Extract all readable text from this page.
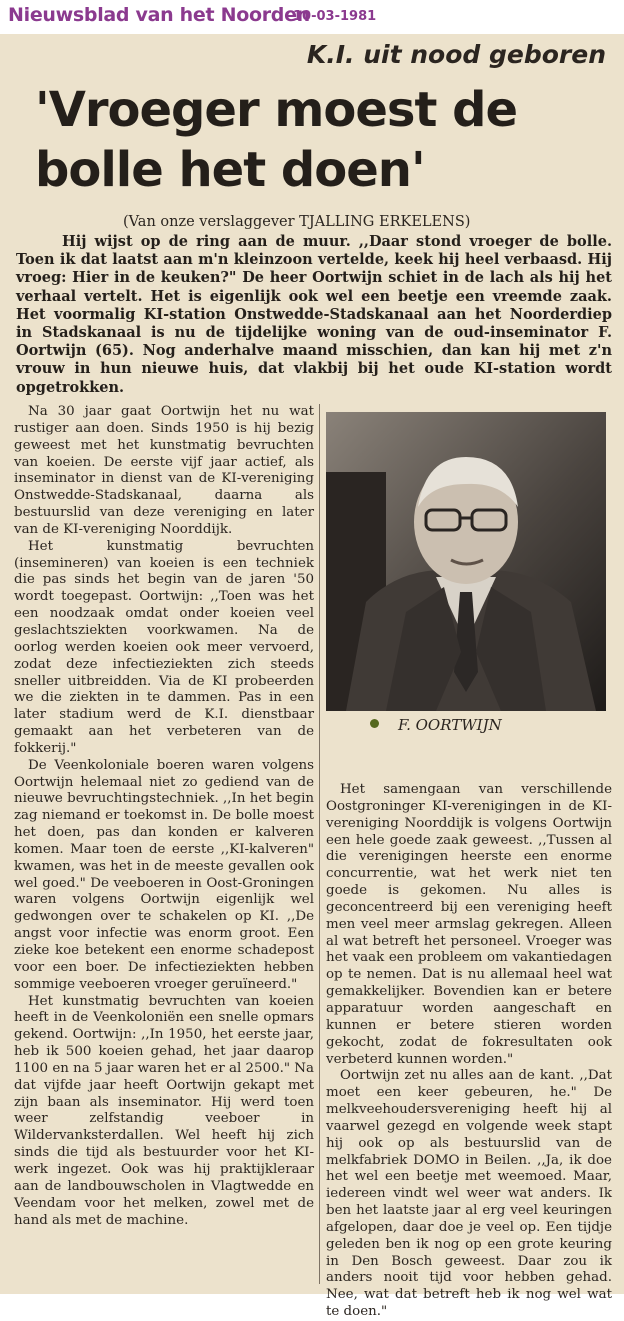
Nieuwsblad van het Noorden
10-03-1981
K.I. uit nood geboren
'Vroeger moest de
bolle het doen'
(Van onze verslaggever TJALLING ERKELENS)

Hij wijst op de ring aan de muur. ,,Daar stond vroeger de bolle. Toen ik dat laatst aan m'n kleinzoon vertelde, keek hij heel verbaasd. Hij vroeg: Hier in de keuken?" De heer Oortwijn schiet in de lach als hij het verhaal vertelt. Het is eigenlijk ook wel een beetje een vreemde zaak. Het voormalig KI-station Onstwedde-Stadskanaal aan het Noorderdiep in Stadskanaal is nu de tijdelijke woning van de oud-inseminator F. Oortwijn (65). Nog anderhalve maand misschien, dan kan hij met z'n vrouw in hun nieuwe huis, dat vlakbij bij het oude KI-station wordt opgetrokken.

Na 30 jaar gaat Oortwijn het nu wat rustiger aan doen. Sinds 1950 is hij bezig geweest met het kunstmatig bevruchten van koeien. De eerste vijf jaar actief, als inseminator in dienst van de KI-vereniging Onstwedde-Stadskanaal, daarna als bestuurslid van deze vereniging en later van de KI-vereniging Noorddijk.

Het kunstmatig bevruchten (insemineren) van koeien is een techniek die pas sinds het begin van de jaren '50 wordt toegepast. Oortwijn: ,,Toen was het een noodzaak omdat onder koeien veel geslachtsziekten voorkwamen. Na de oorlog werden koeien ook meer vervoerd, zodat deze infectieziekten zich steeds sneller uitbreidden. Via de KI probeerden we die ziekten in te dammen. Pas in een later stadium werd de K.I. dienstbaar gemaakt aan het verbeteren van de fokkerij."

De Veenkoloniale boeren waren volgens Oortwijn helemaal niet zo gediend van de nieuwe bevruchtingstechniek. ,,In het begin zag niemand er toekomst in. De bolle moest het doen, pas dan konden er kalveren komen. Maar toen de eerste ,,KI-kalveren" kwamen, was het in de meeste gevallen ook wel goed." De veeboeren in Oost-Groningen waren volgens Oortwijn eigenlijk wel gedwongen over te schakelen op KI. ,,De angst voor infectie was enorm groot. Een zieke koe betekent een enorme schadepost voor een boer. De infectieziekten hebben sommige veeboeren vroeger geruïneerd."

Het kunstmatig bevruchten van koeien heeft in de Veenkoloniën een snelle opmars gekend. Oortwijn: ,,In 1950, het eerste jaar, heb ik 500 koeien gehad, het jaar daarop 1100 en na 5 jaar waren het er al 2500." Na dat vijfde jaar heeft Oortwijn gekapt met zijn baan als inseminator. Hij werd toen weer zelfstandig veeboer in Wildervanksterdallen. Wel heeft hij zich sinds die tijd als bestuurder voor het KI-werk ingezet. Ook was hij praktijkleraar aan de landbouwscholen in Vlagtwedde en Veendam voor het melken, zowel met de hand als met de machine.

F. OORTWIJN

Het samengaan van verschillende Oostgroninger KI-verenigingen in de KI-vereniging Noorddijk is volgens Oortwijn een hele goede zaak geweest. ,,Tussen al die verenigingen heerste een enorme concurrentie, wat het werk niet ten goede is gekomen. Nu alles is geconcentreerd bij een vereniging heeft men veel meer armslag gekregen. Alleen al wat betreft het personeel. Vroeger was het vaak een probleem om vakantiedagen op te nemen. Dat is nu allemaal heel wat gemakkelijker. Bovendien kan er betere apparatuur worden aangeschaft en kunnen er betere stieren worden gekocht, zodat de fokresultaten ook verbeterd kunnen worden."

Oortwijn zet nu alles aan de kant. ,,Dat moet een keer gebeuren, he." De melkveehoudersvereniging heeft hij al vaarwel gezegd en volgende week stapt hij ook op als bestuurslid van de melkfabriek DOMO in Beilen. ,,Ja, ik doe het wel een beetje met weemoed. Maar, iedereen vindt wel weer wat anders. Ik ben het laatste jaar al erg veel keuringen afgelopen, daar doe je veel op. Een tijdje geleden ben ik nog op een grote keuring in Den Bosch geweest. Daar zou ik anders nooit tijd voor hebben gehad. Nee, wat dat betreft heb ik nog wel wat te doen."
